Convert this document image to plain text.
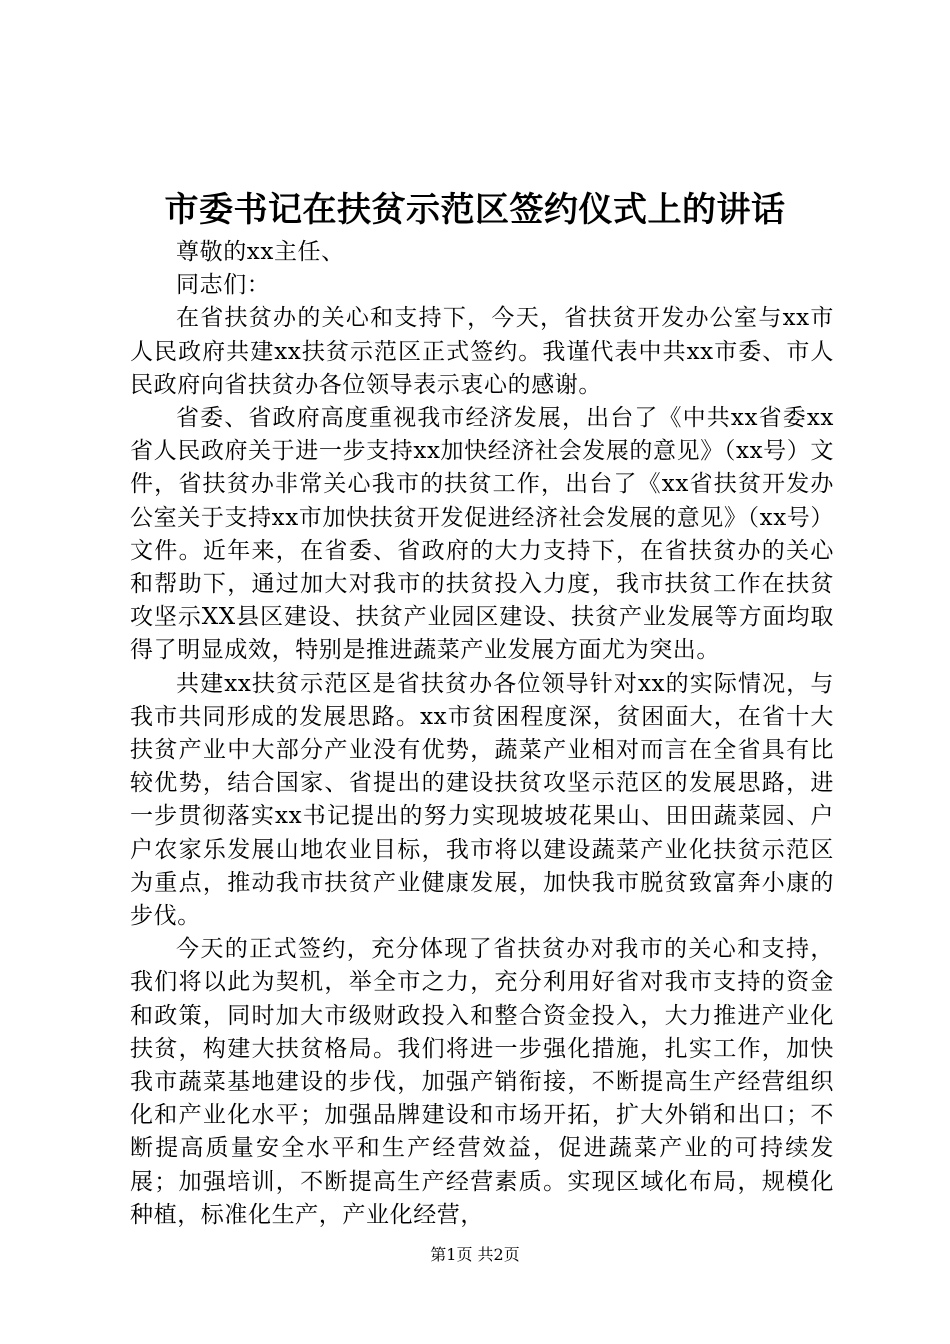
市委书记在扶贫示范区签约仪式上的讲话

尊敬的xx主任、

同志们：

在省扶贫办的关心和支持下，今天，省扶贫开发办公室与xx市人民政府共建xx扶贫示范区正式签约。我谨代表中共xx市委、市人民政府向省扶贫办各位领导表示衷心的感谢。

省委、省政府高度重视我市经济发展，出台了《中共xx省委xx省人民政府关于进一步支持xx加快经济社会发展的意见》（xx号）文件，省扶贫办非常关心我市的扶贫工作，出台了《xx省扶贫开发办公室关于支持xx市加快扶贫开发促进经济社会发展的意见》（xx号）文件。近年来，在省委、省政府的大力支持下，在省扶贫办的关心和帮助下，通过加大对我市的扶贫投入力度，我市扶贫工作在扶贫攻坚示XX县区建设、扶贫产业园区建设、扶贫产业发展等方面均取得了明显成效，特别是推进蔬菜产业发展方面尤为突出。

共建xx扶贫示范区是省扶贫办各位领导针对xx的实际情况，与我市共同形成的发展思路。xx市贫困程度深，贫困面大，在省十大扶贫产业中大部分产业没有优势，蔬菜产业相对而言在全省具有比较优势，结合国家、省提出的建设扶贫攻坚示范区的发展思路，进一步贯彻落实xx书记提出的努力实现坡坡花果山、田田蔬菜园、户户农家乐发展山地农业目标，我市将以建设蔬菜产业化扶贫示范区为重点，推动我市扶贫产业健康发展，加快我市脱贫致富奔小康的步伐。

今天的正式签约，充分体现了省扶贫办对我市的关心和支持，我们将以此为契机，举全市之力，充分利用好省对我市支持的资金和政策，同时加大市级财政投入和整合资金投入，大力推进产业化扶贫，构建大扶贫格局。我们将进一步强化措施，扎实工作，加快我市蔬菜基地建设的步伐，加强产销衔接，不断提高生产经营组织化和产业化水平；加强品牌建设和市场开拓，扩大外销和出口；不断提高质量安全水平和生产经营效益，促进蔬菜产业的可持续发展；加强培训，不断提高生产经营素质。实现区域化布局，规模化种植，标准化生产，产业化经营，

第1页 共2页
